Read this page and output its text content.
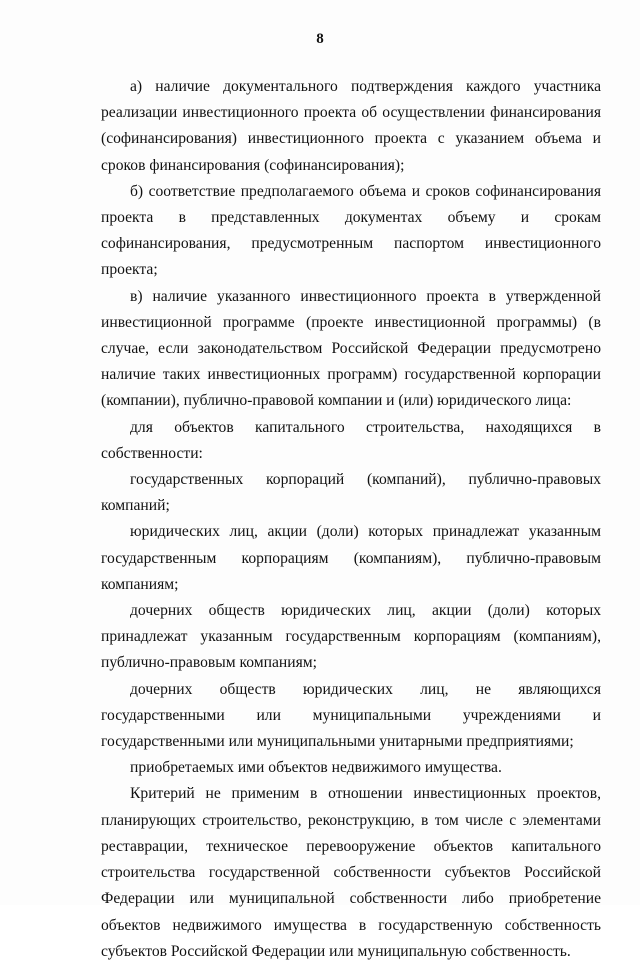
8

а) наличие документального подтверждения каждого участника реализации инвестиционного проекта об осуществлении финансирования (софинансирования) инвестиционного проекта с указанием объема и сроков финансирования (софинансирования);

б) соответствие предполагаемого объема и сроков софинансирования проекта в представленных документах объему и срокам софинансирования, предусмотренным паспортом инвестиционного проекта;

в) наличие указанного инвестиционного проекта в утвержденной инвестиционной программе (проекте инвестиционной программы) (в случае, если законодательством Российской Федерации предусмотрено наличие таких инвестиционных программ) государственной корпорации (компании), публично-правовой компании и (или) юридического лица:

для объектов капитального строительства, находящихся в собственности:

государственных корпораций (компаний), публично-правовых компаний;

юридических лиц, акции (доли) которых принадлежат указанным государственным корпорациям (компаниям), публично-правовым компаниям;

дочерних обществ юридических лиц, акции (доли) которых принадлежат указанным государственным корпорациям (компаниям), публично-правовым компаниям;

дочерних обществ юридических лиц, не являющихся государственными или муниципальными учреждениями и государственными или муниципальными унитарными предприятиями;

приобретаемых ими объектов недвижимого имущества.

Критерий не применим в отношении инвестиционных проектов, планирующих строительство, реконструкцию, в том числе с элементами реставрации, техническое перевооружение объектов капитального строительства государственной собственности субъектов Российской Федерации или муниципальной собственности либо приобретение объектов недвижимого имущества в государственную собственность субъектов Российской Федерации или муниципальную собственность.
